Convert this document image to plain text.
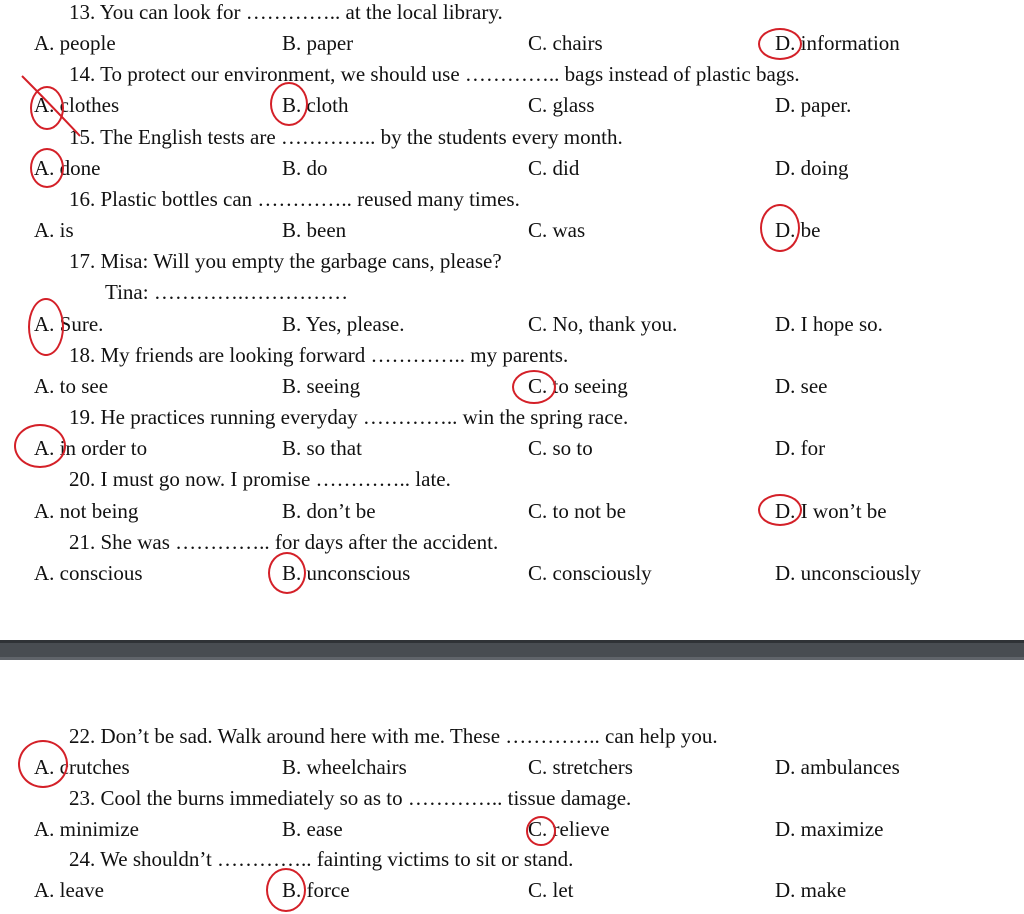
13. You can look for ………….. at the local library.
A. people	B. paper	C. chairs	D. information
14. To protect our environment, we should use ………….. bags instead of plastic bags.
A. clothes	B. cloth	C. glass	D. paper.
15. The English tests are ………….. by the students every month.
A. done	B. do	C. did	D. doing
16. Plastic bottles can ………….. reused many times.
A. is	B. been	C. was	D. be
17. Misa: Will you empty the garbage cans, please?
Tina: ………….……………
A. Sure.	B. Yes, please.	C. No, thank you.	D. I hope so.
18. My friends are looking forward ………….. my parents.
A. to see	B. seeing	C. to seeing	D. see
19. He practices running everyday ………….. win the spring race.
A. in order to	B. so that	C. so to	D. for
20. I must go now. I promise ………….. late.
A. not being	B. don’t be	C. to not be	D. I won’t be
21. She was ………….. for days after the accident.
A. conscious	B. unconscious	C. consciously	D. unconsciously
22. Don’t be sad. Walk around here with me. These ………….. can help you.
A. crutches	B. wheelchairs	C. stretchers	D. ambulances
23. Cool the burns immediately so as to ………….. tissue damage.
A. minimize	B. ease	C. relieve	D. maximize
24. We shouldn’t ………….. fainting victims to sit or stand.
A. leave	B. force	C. let	D. make
